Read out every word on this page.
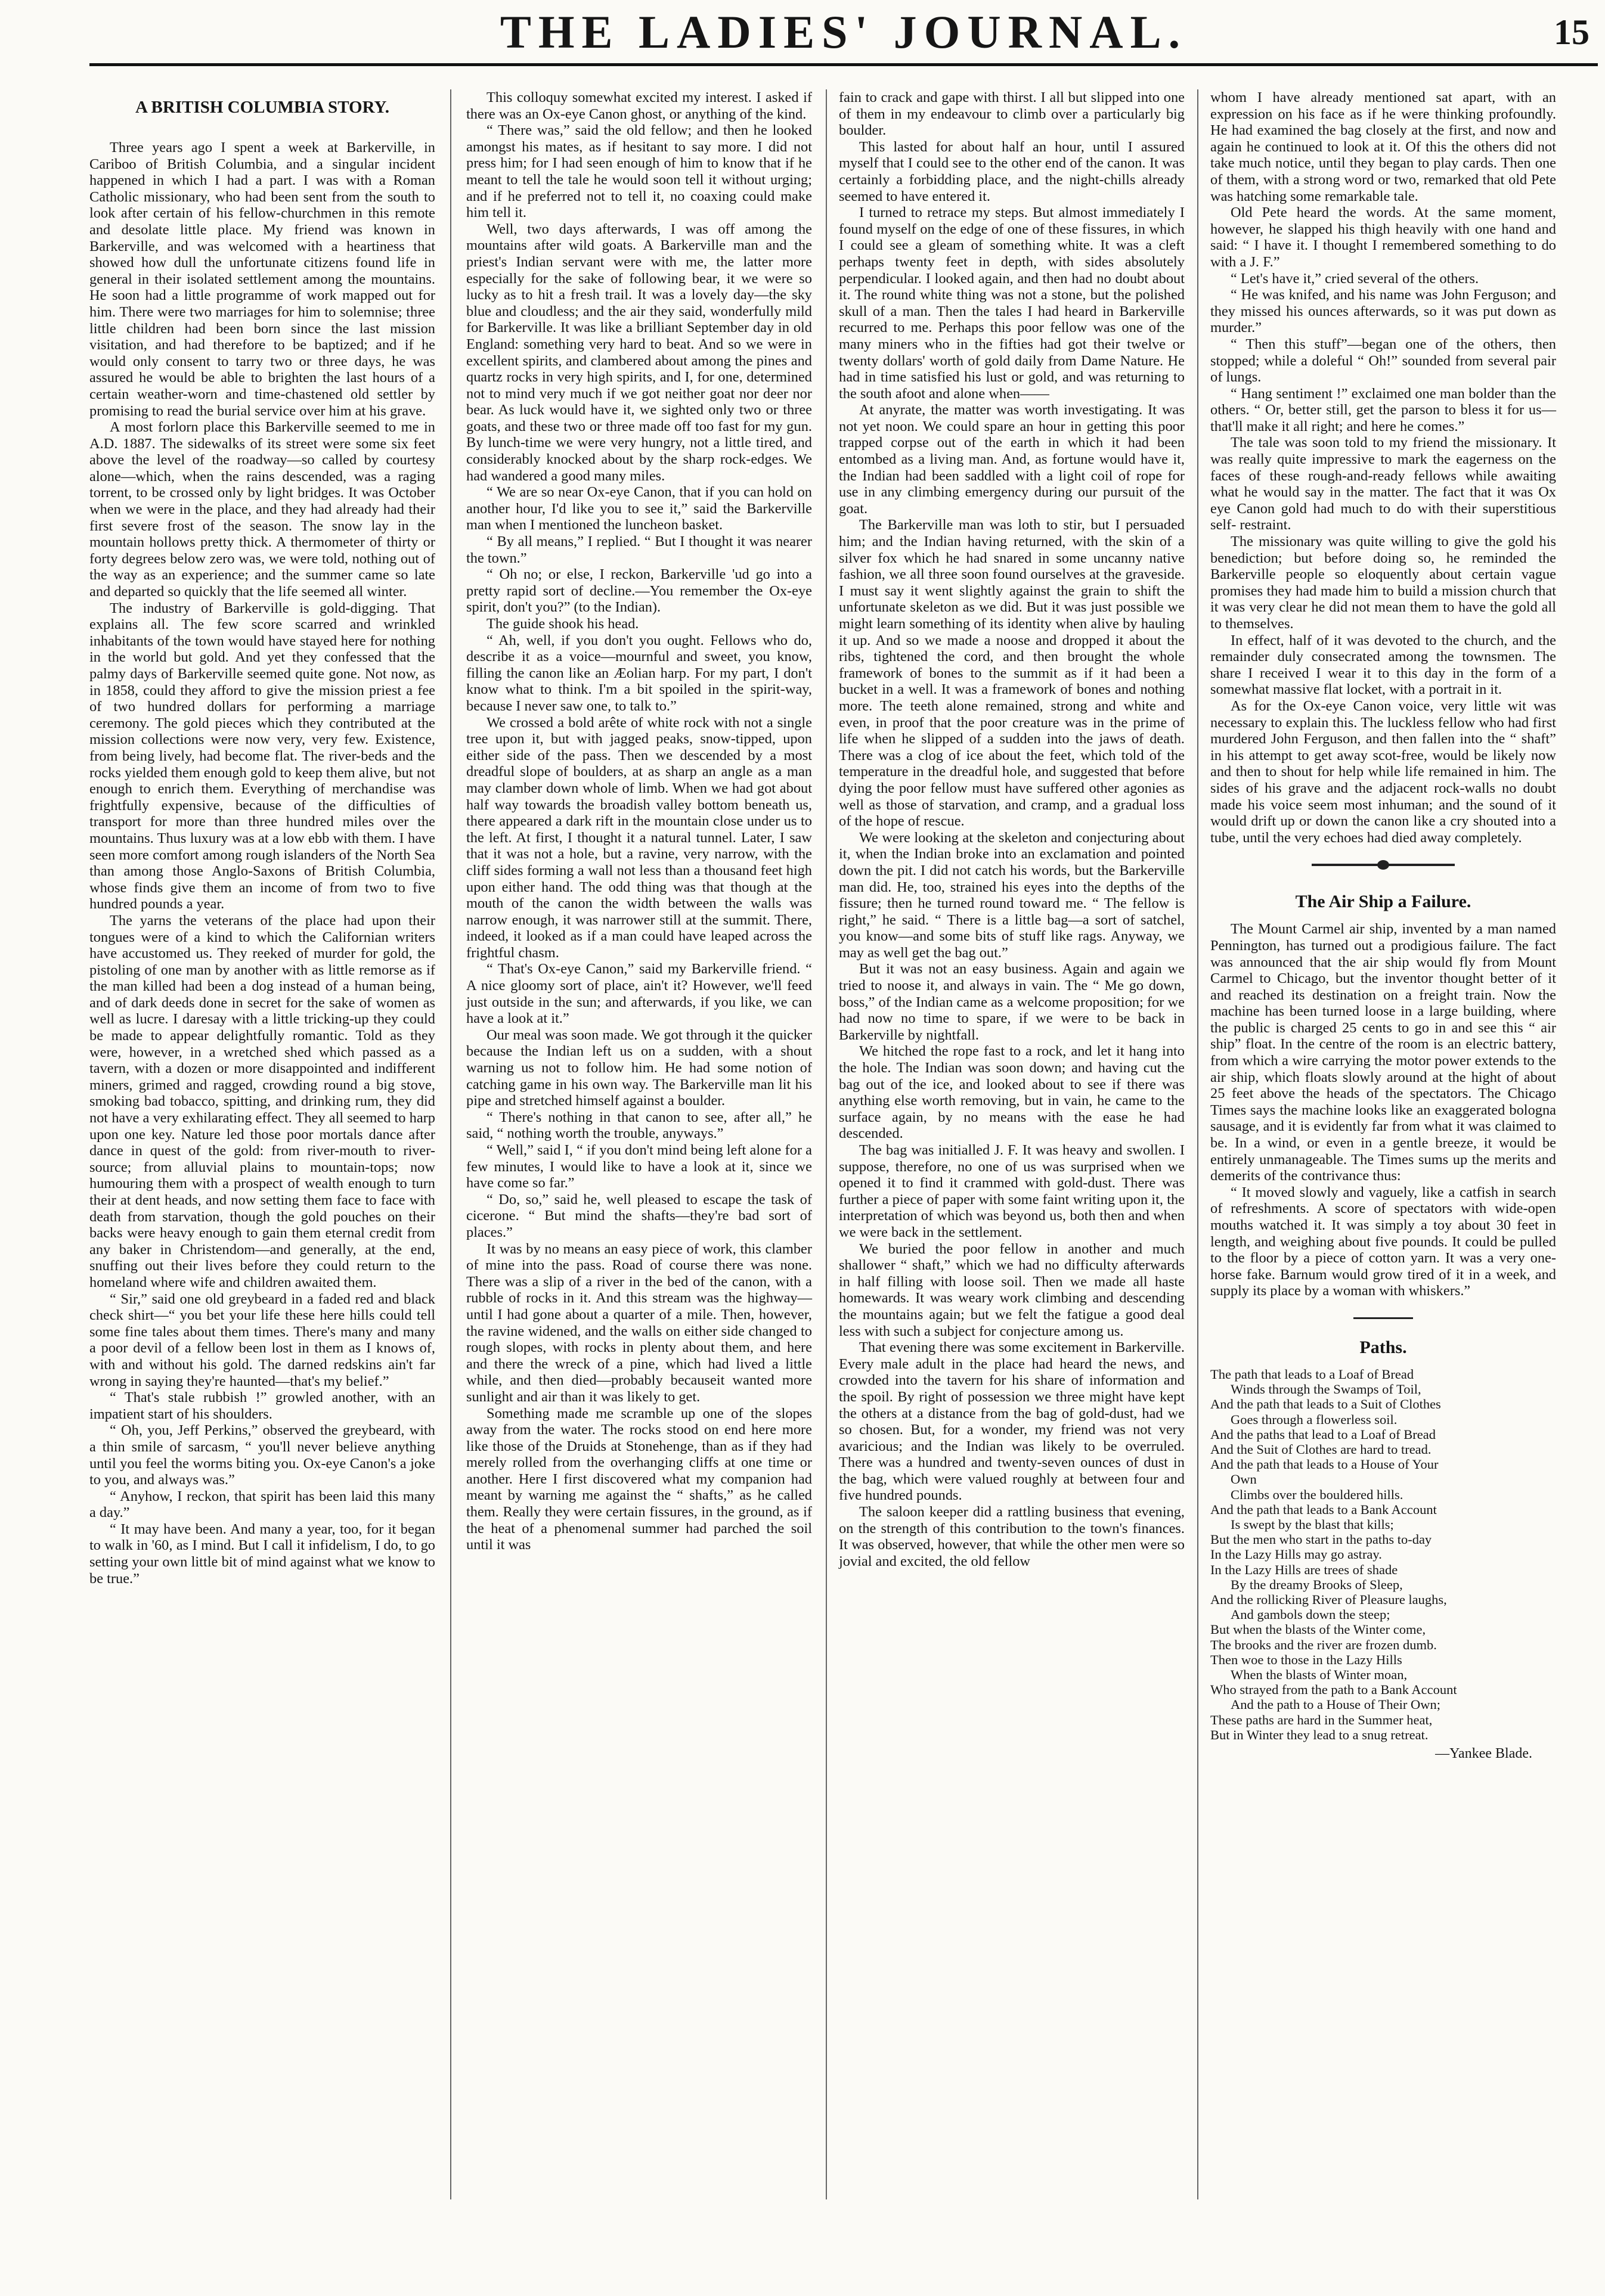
THE LADIES' JOURNAL.	15
A BRITISH COLUMBIA STORY.

Three years ago I spent a week at Barkerville, in Cariboo of British Columbia, and a singular incident happened in which I had a part. I was with a Roman Catholic missionary, who had been sent from the south to look after certain of his fellow-churchmen in this remote and desolate little place. My friend was known in Barkerville, and was welcomed with a heartiness that showed how dull the unfortunate citizens found life in general in their isolated settlement among the mountains. He soon had a little programme of work mapped out for him. There were two marriages for him to solemnise; three little children had been born since the last mission visitation, and had therefore to be baptized; and if he would only consent to tarry two or three days, he was assured he would be able to brighten the last hours of a certain weather-worn and time-chastened old settler by promising to read the burial service over him at his grave.

A most forlorn place this Barkerville seemed to me in A.D. 1887. The sidewalks of its street were some six feet above the level of the roadway—so called by courtesy alone—which, when the rains descended, was a raging torrent, to be crossed only by light bridges. It was October when we were in the place, and they had already had their first severe frost of the season. The snow lay in the mountain hollows pretty thick. A thermometer of thirty or forty degrees below zero was, we were told, nothing out of the way as an experience; and the summer came so late and departed so quickly that the life seemed all winter.

The industry of Barkerville is gold-digging. That explains all. The few score scarred and wrinkled inhabitants of the town would have stayed here for nothing in the world but gold. And yet they confessed that the palmy days of Barkerville seemed quite gone. Not now, as in 1858, could they afford to give the mission priest a fee of two hundred dollars for performing a marriage ceremony. The gold pieces which they contributed at the mission collections were now very, very few. Existence, from being lively, had become flat. The river-beds and the rocks yielded them enough gold to keep them alive, but not enough to enrich them. Everything of merchandise was frightfully expensive, because of the difficulties of transport for more than three hundred miles over the mountains. Thus luxury was at a low ebb with them. I have seen more comfort among rough islanders of the North Sea than among those Anglo-Saxons of British Columbia, whose finds give them an income of from two to five hundred pounds a year.

The yarns the veterans of the place had upon their tongues were of a kind to which the Californian writers have accustomed us. They reeked of murder for gold, the pistoling of one man by another with as little remorse as if the man killed had been a dog instead of a human being, and of dark deeds done in secret for the sake of women as well as lucre. I daresay with a little tricking-up they could be made to appear delightfully romantic. Told as they were, however, in a wretched shed which passed as a tavern, with a dozen or more disappointed and indifferent miners, grimed and ragged, crowding round a big stove, smoking bad tobacco, spitting, and drinking rum, they did not have a very exhilarating effect. They all seemed to harp upon one key. Nature led those poor mortals dance after dance in quest of the gold: from river-mouth to river-source; from alluvial plains to mountain-tops; now humouring them with a prospect of wealth enough to turn their at dent heads, and now setting them face to face with death from starvation, though the gold pouches on their backs were heavy enough to gain them eternal credit from any baker in Christendom—and generally, at the end, snuffing out their lives before they could return to the homeland where wife and children awaited them.

“ Sir,” said one old greybeard in a faded red and black check shirt—“ you bet your life these here hills could tell some fine tales about them times. There's many and many a poor devil of a fellow been lost in them as I knows of, with and without his gold. The darned redskins ain't far wrong in saying they're haunted—that's my belief.”

“ That's stale rubbish !” growled another, with an impatient start of his shoulders.

“ Oh, you, Jeff Perkins,” observed the greybeard, with a thin smile of sarcasm, “ you'll never believe anything until you feel the worms biting you. Ox-eye Canon's a joke to you, and always was.”

“ Anyhow, I reckon, that spirit has been laid this many a day.”

“ It may have been. And many a year, too, for it began to walk in '60, as I mind. But I call it infidelism, I do, to go setting your own little bit of mind against what we know to be true.”

This colloquy somewhat excited my interest. I asked if there was an Ox-eye Canon ghost, or anything of the kind.

“ There was,” said the old fellow; and then he looked amongst his mates, as if hesitant to say more. I did not press him; for I had seen enough of him to know that if he meant to tell the tale he would soon tell it without urging; and if he preferred not to tell it, no coaxing could make him tell it.

Well, two days afterwards, I was off among the mountains after wild goats. A Barkerville man and the priest's Indian servant were with me, the latter more especially for the sake of following bear, it we were so lucky as to hit a fresh trail. It was a lovely day—the sky blue and cloudless; and the air they said, wonderfully mild for Barkerville. It was like a brilliant September day in old England: something very hard to beat. And so we were in excellent spirits, and clambered about among the pines and quartz rocks in very high spirits, and I, for one, determined not to mind very much if we got neither goat nor deer nor bear. As luck would have it, we sighted only two or three goats, and these two or three made off too fast for my gun. By lunch-time we were very hungry, not a little tired, and considerably knocked about by the sharp rock-edges. We had wandered a good many miles.

“ We are so near Ox-eye Canon, that if you can hold on another hour, I'd like you to see it,” said the Barkerville man when I mentioned the luncheon basket.

“ By all means,” I replied. “ But I thought it was nearer the town.”

“ Oh no; or else, I reckon, Barkerville 'ud go into a pretty rapid sort of decline.—You remember the Ox-eye spirit, don't you?” (to the Indian).

The guide shook his head.

“ Ah, well, if you don't you ought. Fellows who do, describe it as a voice—mournful and sweet, you know, filling the canon like an Æolian harp. For my part, I don't know what to think. I'm a bit spoiled in the spirit-way, because I never saw one, to talk to.”

We crossed a bold arête of white rock with not a single tree upon it, but with jagged peaks, snow-tipped, upon either side of the pass. Then we descended by a most dreadful slope of boulders, at as sharp an angle as a man may clamber down whole of limb. When we had got about half way towards the broadish valley bottom beneath us, there appeared a dark rift in the mountain close under us to the left. At first, I thought it a natural tunnel. Later, I saw that it was not a hole, but a ravine, very narrow, with the cliff sides forming a wall not less than a thousand feet high upon either hand. The odd thing was that though at the mouth of the canon the width between the walls was narrow enough, it was narrower still at the summit. There, indeed, it looked as if a man could have leaped across the frightful chasm.

“ That's Ox-eye Canon,” said my Barkerville friend. “ A nice gloomy sort of place, ain't it? However, we'll feed just outside in the sun; and afterwards, if you like, we can have a look at it.”

Our meal was soon made. We got through it the quicker because the Indian left us on a sudden, with a shout warning us not to follow him. He had some notion of catching game in his own way. The Barkerville man lit his pipe and stretched himself against a boulder.

“ There's nothing in that canon to see, after all,” he said, “ nothing worth the trouble, anyways.”

“ Well,” said I, “ if you don't mind being left alone for a few minutes, I would like to have a look at it, since we have come so far.”

“ Do, so,” said he, well pleased to escape the task of cicerone. “ But mind the shafts—they're bad sort of places.”

It was by no means an easy piece of work, this clamber of mine into the pass. Road of course there was none. There was a slip of a river in the bed of the canon, with a rubble of rocks in it. And this stream was the highway—until I had gone about a quarter of a mile. Then, however, the ravine widened, and the walls on either side changed to rough slopes, with rocks in plenty about them, and here and there the wreck of a pine, which had lived a little while, and then died—probably becauseit wanted more sunlight and air than it was likely to get.

Something made me scramble up one of the slopes away from the water. The rocks stood on end here more like those of the Druids at Stonehenge, than as if they had merely rolled from the overhanging cliffs at one time or another. Here I first discovered what my companion had meant by warning me against the “ shafts,” as he called them. Really they were certain fissures, in the ground, as if the heat of a phenomenal summer had parched the soil until it was

fain to crack and gape with thirst. I all but slipped into one of them in my endeavour to climb over a particularly big boulder.

This lasted for about half an hour, until I assured myself that I could see to the other end of the canon. It was certainly a forbidding place, and the night-chills already seemed to have entered it.

I turned to retrace my steps. But almost immediately I found myself on the edge of one of these fissures, in which I could see a gleam of something white. It was a cleft perhaps twenty feet in depth, with sides absolutely perpendicular. I looked again, and then had no doubt about it. The round white thing was not a stone, but the polished skull of a man. Then the tales I had heard in Barkerville recurred to me. Perhaps this poor fellow was one of the many miners who in the fifties had got their twelve or twenty dollars' worth of gold daily from Dame Nature. He had in time satisfied his lust or gold, and was returning to the south afoot and alone when——

At anyrate, the matter was worth investigating. It was not yet noon. We could spare an hour in getting this poor trapped corpse out of the earth in which it had been entombed as a living man. And, as fortune would have it, the Indian had been saddled with a light coil of rope for use in any climbing emergency during our pursuit of the goat.

The Barkerville man was loth to stir, but I persuaded him; and the Indian having returned, with the skin of a silver fox which he had snared in some uncanny native fashion, we all three soon found ourselves at the graveside. I must say it went slightly against the grain to shift the unfortunate skeleton as we did. But it was just possible we might learn something of its identity when alive by hauling it up. And so we made a noose and dropped it about the ribs, tightened the cord, and then brought the whole framework of bones to the summit as if it had been a bucket in a well. It was a framework of bones and nothing more. The teeth alone remained, strong and white and even, in proof that the poor creature was in the prime of life when he slipped of a sudden into the jaws of death. There was a clog of ice about the feet, which told of the temperature in the dreadful hole, and suggested that before dying the poor fellow must have suffered other agonies as well as those of starvation, and cramp, and a gradual loss of the hope of rescue.

We were looking at the skeleton and conjecturing about it, when the Indian broke into an exclamation and pointed down the pit. I did not catch his words, but the Barkerville man did. He, too, strained his eyes into the depths of the fissure; then he turned round toward me. “ The fellow is right,” he said. “ There is a little bag—a sort of satchel, you know—and some bits of stuff like rags. Anyway, we may as well get the bag out.”

But it was not an easy business. Again and again we tried to noose it, and always in vain. The “ Me go down, boss,” of the Indian came as a welcome proposition; for we had now no time to spare, if we were to be back in Barkerville by nightfall.

We hitched the rope fast to a rock, and let it hang into the hole. The Indian was soon down; and having cut the bag out of the ice, and looked about to see if there was anything else worth removing, but in vain, he came to the surface again, by no means with the ease he had descended.

The bag was initialled J. F. It was heavy and swollen. I suppose, therefore, no one of us was surprised when we opened it to find it crammed with gold-dust. There was further a piece of paper with some faint writing upon it, the interpretation of which was beyond us, both then and when we were back in the settlement.

We buried the poor fellow in another and much shallower “ shaft,” which we had no difficulty afterwards in half filling with loose soil. Then we made all haste homewards. It was weary work climbing and descending the mountains again; but we felt the fatigue a good deal less with such a subject for conjecture among us.

That evening there was some excitement in Barkerville. Every male adult in the place had heard the news, and crowded into the tavern for his share of information and the spoil. By right of possession we three might have kept the others at a distance from the bag of gold-dust, had we so chosen. But, for a wonder, my friend was not very avaricious; and the Indian was likely to be overruled. There was a hundred and twenty-seven ounces of dust in the bag, which were valued roughly at between four and five hundred pounds.

The saloon keeper did a rattling business that evening, on the strength of this contribution to the town's finances. It was observed, however, that while the other men were so jovial and excited, the old fellow

whom I have already mentioned sat apart, with an expression on his face as if he were thinking profoundly. He had examined the bag closely at the first, and now and again he continued to look at it. Of this the others did not take much notice, until they began to play cards. Then one of them, with a strong word or two, remarked that old Pete was hatching some remarkable tale.

Old Pete heard the words. At the same moment, however, he slapped his thigh heavily with one hand and said: “ I have it. I thought I remembered something to do with a J. F.”

“ Let's have it,” cried several of the others.

“ He was knifed, and his name was John Ferguson; and they missed his ounces afterwards, so it was put down as murder.”

“ Then this stuff”—began one of the others, then stopped; while a doleful “ Oh!” sounded from several pair of lungs.

“ Hang sentiment !” exclaimed one man bolder than the others. “ Or, better still, get the parson to bless it for us—that'll make it all right; and here he comes.”

The tale was soon told to my friend the missionary. It was really quite impressive to mark the eagerness on the faces of these rough-and-ready fellows while awaiting what he would say in the matter. The fact that it was Ox eye Canon gold had much to do with their superstitious self- restraint.

The missionary was quite willing to give the gold his benediction; but before doing so, he reminded the Barkerville people so eloquently about certain vague promises they had made him to build a mission church that it was very clear he did not mean them to have the gold all to themselves.

In effect, half of it was devoted to the church, and the remainder duly consecrated among the townsmen. The share I received I wear it to this day in the form of a somewhat massive flat locket, with a portrait in it.

As for the Ox-eye Canon voice, very little wit was necessary to explain this. The luckless fellow who had first murdered John Ferguson, and then fallen into the “ shaft” in his attempt to get away scot-free, would be likely now and then to shout for help while life remained in him. The sides of his grave and the adjacent rock-walls no doubt made his voice seem most inhuman; and the sound of it would drift up or down the canon like a cry shouted into a tube, until the very echoes had died away completely.

The Air Ship a Failure.

The Mount Carmel air ship, invented by a man named Pennington, has turned out a prodigious failure. The fact was announced that the air ship would fly from Mount Carmel to Chicago, but the inventor thought better of it and reached its destination on a freight train. Now the machine has been turned loose in a large building, where the public is charged 25 cents to go in and see this “ air ship” float. In the centre of the room is an electric battery, from which a wire carrying the motor power extends to the air ship, which floats slowly around at the hight of about 25 feet above the heads of the spectators. The Chicago Times says the machine looks like an exaggerated bologna sausage, and it is evidently far from what it was claimed to be. In a wind, or even in a gentle breeze, it would be entirely unmanageable. The Times sums up the merits and demerits of the contrivance thus:

“ It moved slowly and vaguely, like a catfish in search of refreshments. A score of spectators with wide-open mouths watched it. It was simply a toy about 30 feet in length, and weighing about five pounds. It could be pulled to the floor by a piece of cotton yarn. It was a very one-horse fake. Barnum would grow tired of it in a week, and supply its place by a woman with whiskers.”

Paths.
The path that leads to a Loaf of Bread
Winds through the Swamps of Toil,
And the path that leads to a Suit of Clothes
Goes through a flowerless soil.
And the paths that lead to a Loaf of Bread
And the Suit of Clothes are hard to tread.
And the path that leads to a House of Your
Own
Climbs over the bouldered hills.
And the path that leads to a Bank Account
Is swept by the blast that kills;
But the men who start in the paths to-day
In the Lazy Hills may go astray.
In the Lazy Hills are trees of shade
By the dreamy Brooks of Sleep,
And the rollicking River of Pleasure laughs,
And gambols down the steep;
But when the blasts of the Winter come,
The brooks and the river are frozen dumb.
Then woe to those in the Lazy Hills
When the blasts of Winter moan,
Who strayed from the path to a Bank Account
And the path to a House of Their Own;
These paths are hard in the Summer heat,
But in Winter they lead to a snug retreat.
—Yankee Blade.
